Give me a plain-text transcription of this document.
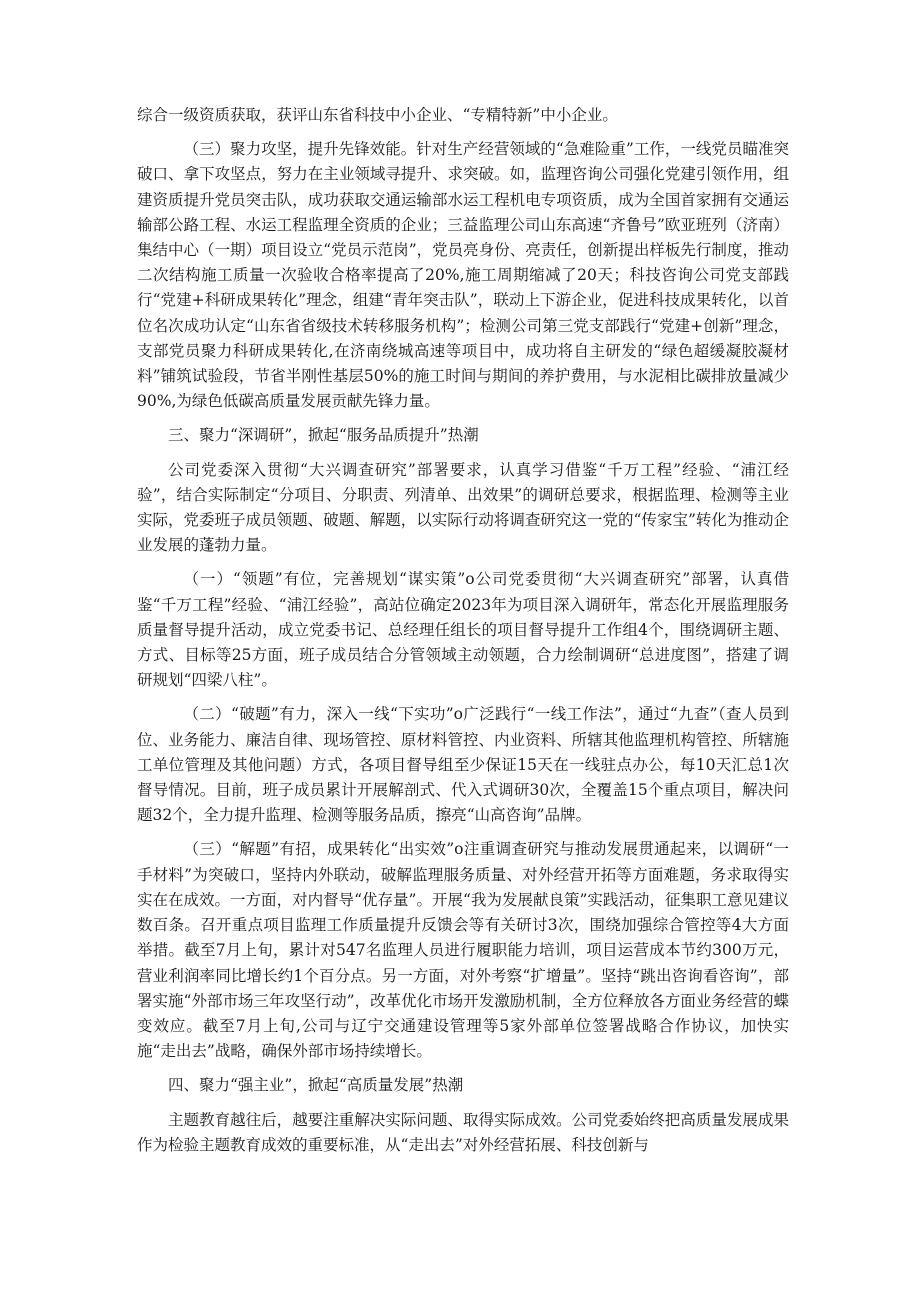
综合一级资质获取，获评山东省科技中小企业、“专精特新”中小企业。

（三）聚力攻坚，提升先锋效能。针对生产经营领域的“急难险重”工作，一线党员瞄准突破口、拿下攻坚点，努力在主业领域寻提升、求突破。如，监理咨询公司强化党建引领作用，组建资质提升党员突击队，成功获取交通运输部水运工程机电专项资质，成为全国首家拥有交通运输部公路工程、水运工程监理全资质的企业；三益监理公司山东高速“齐鲁号”欧亚班列（济南）集结中心（一期）项目设立“党员示范岗”，党员亮身份、亮责任，创新提出样板先行制度，推动二次结构施工质量一次验收合格率提高了20%,施工周期缩减了20天；科技咨询公司党支部践行“党建+科研成果转化”理念，组建“青年突击队”，联动上下游企业，促进科技成果转化，以首位名次成功认定“山东省省级技术转移服务机构”；检测公司第三党支部践行“党建+创新”理念，支部党员聚力科研成果转化,在济南绕城高速等项目中，成功将自主研发的“绿色超缓凝胶凝材料”铺筑试验段，节省半刚性基层50%的施工时间与期间的养护费用，与水泥相比碳排放量减少90%,为绿色低碳高质量发展贡献先锋力量。

三、聚力“深调研”，掀起“服务品质提升”热潮

公司党委深入贯彻“大兴调查研究”部署要求，认真学习借鉴“千万工程”经验、“浦江经验”，结合实际制定“分项目、分职责、列清单、出效果”的调研总要求，根据监理、检测等主业实际，党委班子成员领题、破题、解题，以实际行动将调查研究这一党的“传家宝”转化为推动企业发展的蓬勃力量。

（一）“领题”有位，完善规划“谋实策”o公司党委贯彻“大兴调查研究”部署，认真借鉴“千万工程”经验、“浦江经验”，高站位确定2023年为项目深入调研年，常态化开展监理服务质量督导提升活动，成立党委书记、总经理任组长的项目督导提升工作组4个，围绕调研主题、方式、目标等25方面，班子成员结合分管领域主动领题，合力绘制调研“总进度图”，搭建了调研规划“四梁八柱”。

（二）“破题”有力，深入一线“下实功”o广泛践行“一线工作法”，通过“九查”（查人员到位、业务能力、廉洁自律、现场管控、原材料管控、内业资料、所辖其他监理机构管控、所辖施工单位管理及其他问题）方式，各项目督导组至少保证15天在一线驻点办公，每10天汇总1次督导情况。目前，班子成员累计开展解剖式、代入式调研30次，全覆盖15个重点项目，解决问题32个，全力提升监理、检测等服务品质，擦亮“山高咨询”品牌。

（三）“解题”有招，成果转化“出实效”o注重调查研究与推动发展贯通起来，以调研“一手材料”为突破口，坚持内外联动，破解监理服务质量、对外经营开拓等方面难题，务求取得实实在在成效。一方面，对内督导“优存量”。开展“我为发展献良策”实践活动，征集职工意见建议数百条。召开重点项目监理工作质量提升反馈会等有关研讨3次，围绕加强综合管控等4大方面举措。截至7月上旬，累计对547名监理人员进行履职能力培训，项目运营成本节约300万元，营业利润率同比增长约1个百分点。另一方面，对外考察“扩增量”。坚持“跳出咨询看咨询”，部署实施“外部市场三年攻坚行动”，改革优化市场开发激励机制，全方位释放各方面业务经营的蝶变效应。截至7月上旬,公司与辽宁交通建设管理等5家外部单位签署战略合作协议，加快实施“走出去”战略，确保外部市场持续增长。

四、聚力“强主业”，掀起“高质量发展”热潮

主题教育越往后，越要注重解决实际问题、取得实际成效。公司党委始终把高质量发展成果作为检验主题教育成效的重要标准，从“走出去”对外经营拓展、科技创新与
